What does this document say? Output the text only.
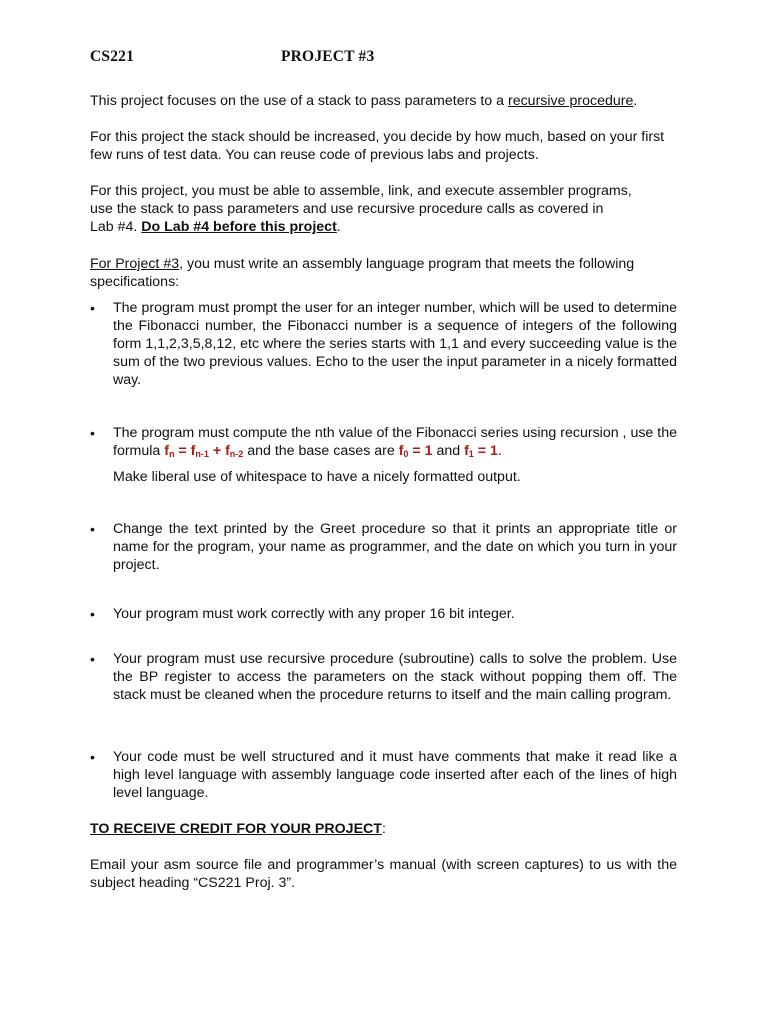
CS221	PROJECT #3
This project focuses on the use of a stack to pass parameters to a recursive procedure.
For this project the stack should be increased, you decide by how much, based on your first few runs of test data. You can reuse code of previous labs and projects.
For this project, you must be able to assemble, link, and execute assembler programs,
use the stack to pass parameters and use recursive procedure calls as covered in
Lab #4. Do Lab #4 before this project.
For Project #3, you must write an assembly language program that meets the following specifications:
•	The program must prompt the user for an integer number, which will be used to determine the Fibonacci number, the Fibonacci number is a sequence of integers of the following form 1,1,2,3,5,8,12, etc where the series starts with 1,1 and every succeeding value is the sum of the two previous values. Echo to the user the input parameter in a nicely formatted way.
•	The program must compute the nth value of the Fibonacci series using recursion , use the formula $f_n = f_{n-1} + f_{n-2}$ and the base cases are $f_0 = 1$ and $f_1 = 1$.
Make liberal use of whitespace to have a nicely formatted output.
•	Change the text printed by the Greet procedure so that it prints an appropriate title or name for the program, your name as programmer, and the date on which you turn in your project.
•	Your program must work correctly with any proper 16 bit integer.
•	Your program must use recursive procedure (subroutine) calls to solve the problem. Use the BP register to access the parameters on the stack without popping them off. The stack must be cleaned when the procedure returns to itself and the main calling program.
•	Your code must be well structured and it must have comments that make it read like a high level language with assembly language code inserted after each of the lines of high level language.
TO RECEIVE CREDIT FOR YOUR PROJECT:
Email your asm source file and programmer’s manual (with screen captures) to us with the subject heading “CS221 Proj. 3”.
